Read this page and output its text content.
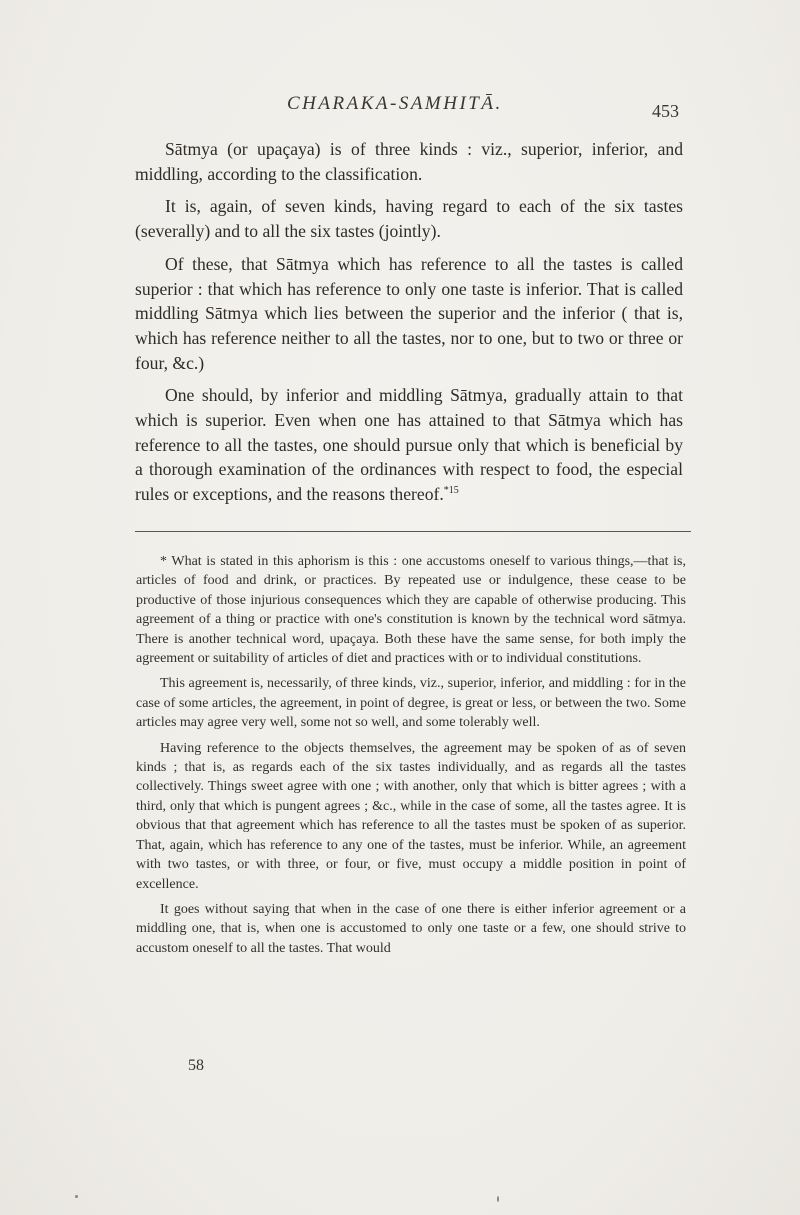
CHARAKA-SAMHITĀ.	453

Sātmya (or upaçaya) is of three kinds : viz., superior, inferior, and middling, according to the classification.

It is, again, of seven kinds, having regard to each of the six tastes (severally) and to all the six tastes (jointly).

Of these, that Sātmya which has reference to all the tastes is called superior : that which has reference to only one taste is inferior. That is called middling Sātmya which lies between the superior and the inferior ( that is, which has reference neither to all the tastes, nor to one, but to two or three or four, &c.)

One should, by inferior and middling Sātmya, gradually attain to that which is superior. Even when one has attained to that Sātmya which has reference to all the tastes, one should pursue only that which is beneficial by a thorough examination of the ordinances with respect to food, the especial rules or exceptions, and the reasons thereof.$^{*15}$

* What is stated in this aphorism is this : one accustoms oneself to various things,—that is, articles of food and drink, or practices. By repeated use or indulgence, these cease to be productive of those injurious consequences which they are capable of otherwise producing. This agreement of a thing or practice with one's constitution is known by the technical word sātmya. There is another technical word, upaçaya. Both these have the same sense, for both imply the agreement or suitability of articles of diet and practices with or to individual constitutions.

This agreement is, necessarily, of three kinds, viz., superior, inferior, and middling : for in the case of some articles, the agreement, in point of degree, is great or less, or between the two. Some articles may agree very well, some not so well, and some tolerably well.

Having reference to the objects themselves, the agreement may be spoken of as of seven kinds ; that is, as regards each of the six tastes individually, and as regards all the tastes collectively. Things sweet agree with one ; with another, only that which is bitter agrees ; with a third, only that which is pungent agrees ; &c., while in the case of some, all the tastes agree. It is obvious that that agreement which has reference to all the tastes must be spoken of as superior. That, again, which has reference to any one of the tastes, must be inferior. While, an agreement with two tastes, or with three, or four, or five, must occupy a middle position in point of excellence.

It goes without saying that when in the case of one there is either inferior agreement or a middling one, that is, when one is accustomed to only one taste or a few, one should strive to accustom oneself to all the tastes. That would

58
